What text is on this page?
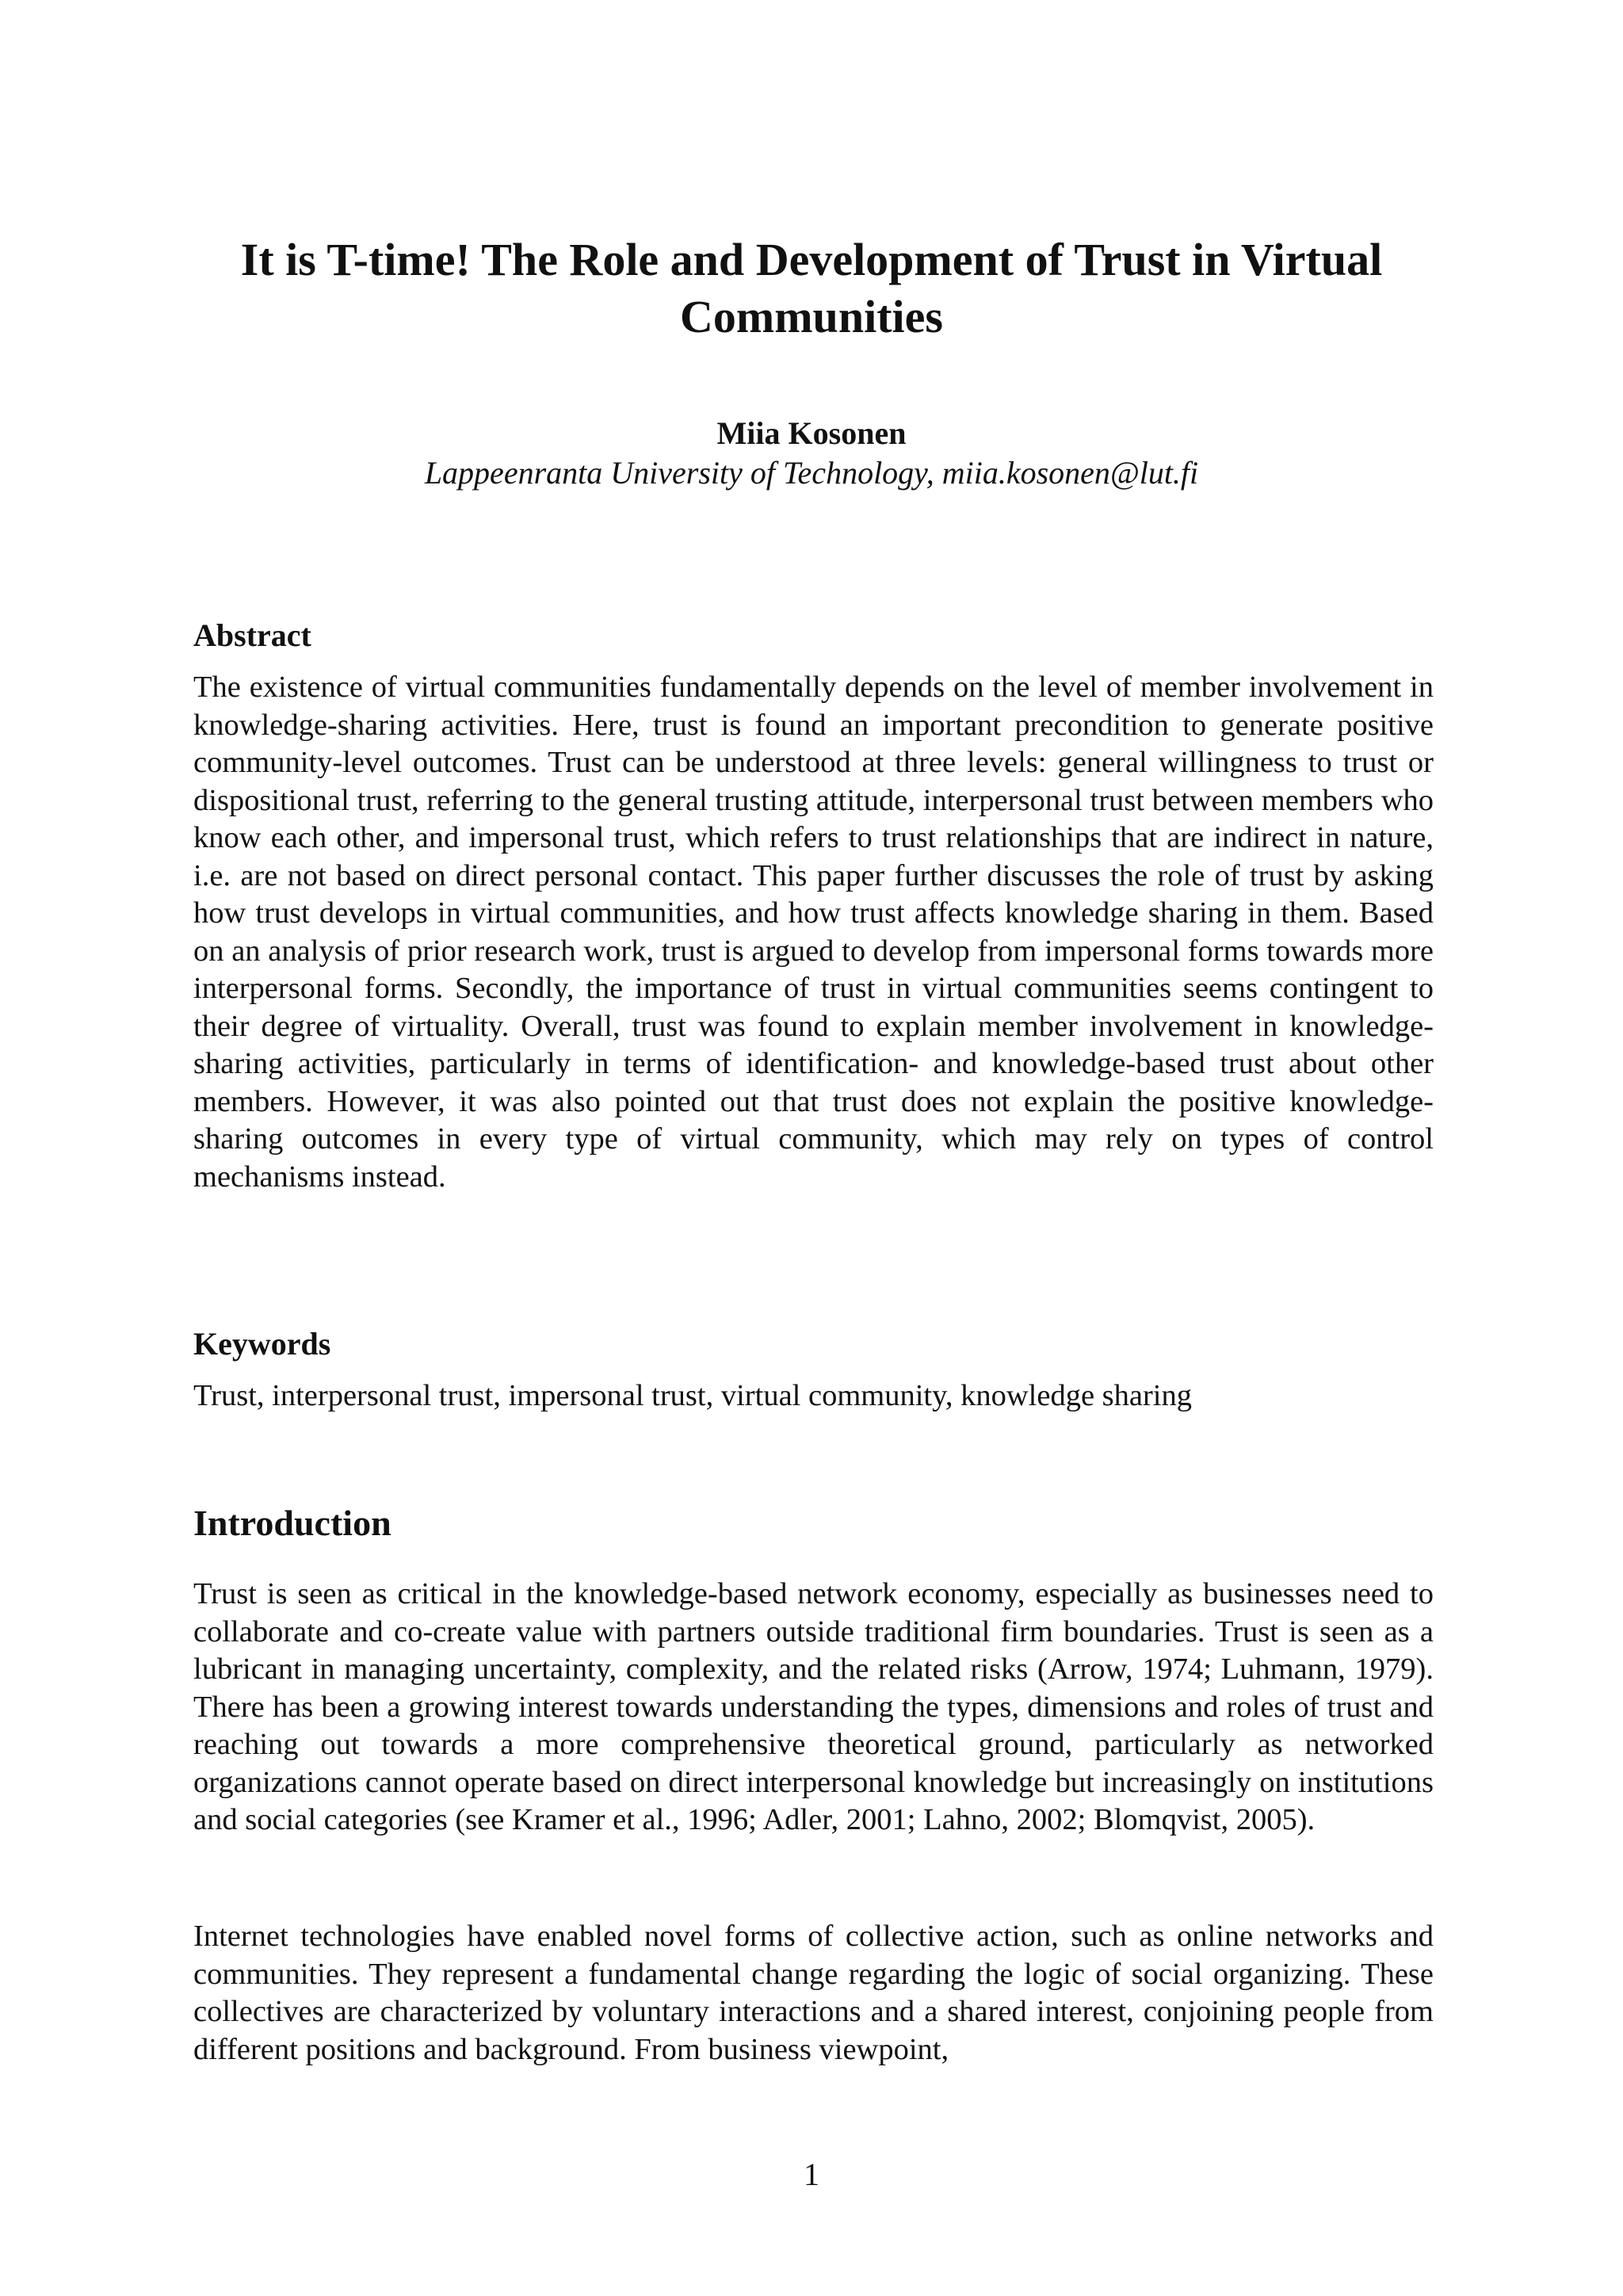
It is T-time! The Role and Development of Trust in Virtual Communities
Miia Kosonen
Lappeenranta University of Technology, miia.kosonen@lut.fi
Abstract

The existence of virtual communities fundamentally depends on the level of member involvement in knowledge-sharing activities. Here, trust is found an important precondition to generate positive community-level outcomes. Trust can be understood at three levels: general willingness to trust or dispositional trust, referring to the general trusting attitude, interpersonal trust between members who know each other, and impersonal trust, which refers to trust relationships that are indirect in nature, i.e. are not based on direct personal contact. This paper further discusses the role of trust by asking how trust develops in virtual communities, and how trust affects knowledge sharing in them. Based on an analysis of prior research work, trust is argued to develop from impersonal forms towards more interpersonal forms. Secondly, the importance of trust in virtual communities seems contingent to their degree of virtuality. Overall, trust was found to explain member involvement in knowledge-sharing activities, particularly in terms of identification- and knowledge-based trust about other members. However, it was also pointed out that trust does not explain the positive knowledge-sharing outcomes in every type of virtual community, which may rely on types of control mechanisms instead.

Keywords

Trust, interpersonal trust, impersonal trust, virtual community, knowledge sharing

Introduction

Trust is seen as critical in the knowledge-based network economy, especially as businesses need to collaborate and co-create value with partners outside traditional firm boundaries. Trust is seen as a lubricant in managing uncertainty, complexity, and the related risks (Arrow, 1974; Luhmann, 1979). There has been a growing interest towards understanding the types, dimensions and roles of trust and reaching out towards a more comprehensive theoretical ground, particularly as networked organizations cannot operate based on direct interpersonal knowledge but increasingly on institutions and social categories (see Kramer et al., 1996; Adler, 2001; Lahno, 2002; Blomqvist, 2005).

Internet technologies have enabled novel forms of collective action, such as online networks and communities. They represent a fundamental change regarding the logic of social organizing. These collectives are characterized by voluntary interactions and a shared interest, conjoining people from different positions and background. From business viewpoint,

1
